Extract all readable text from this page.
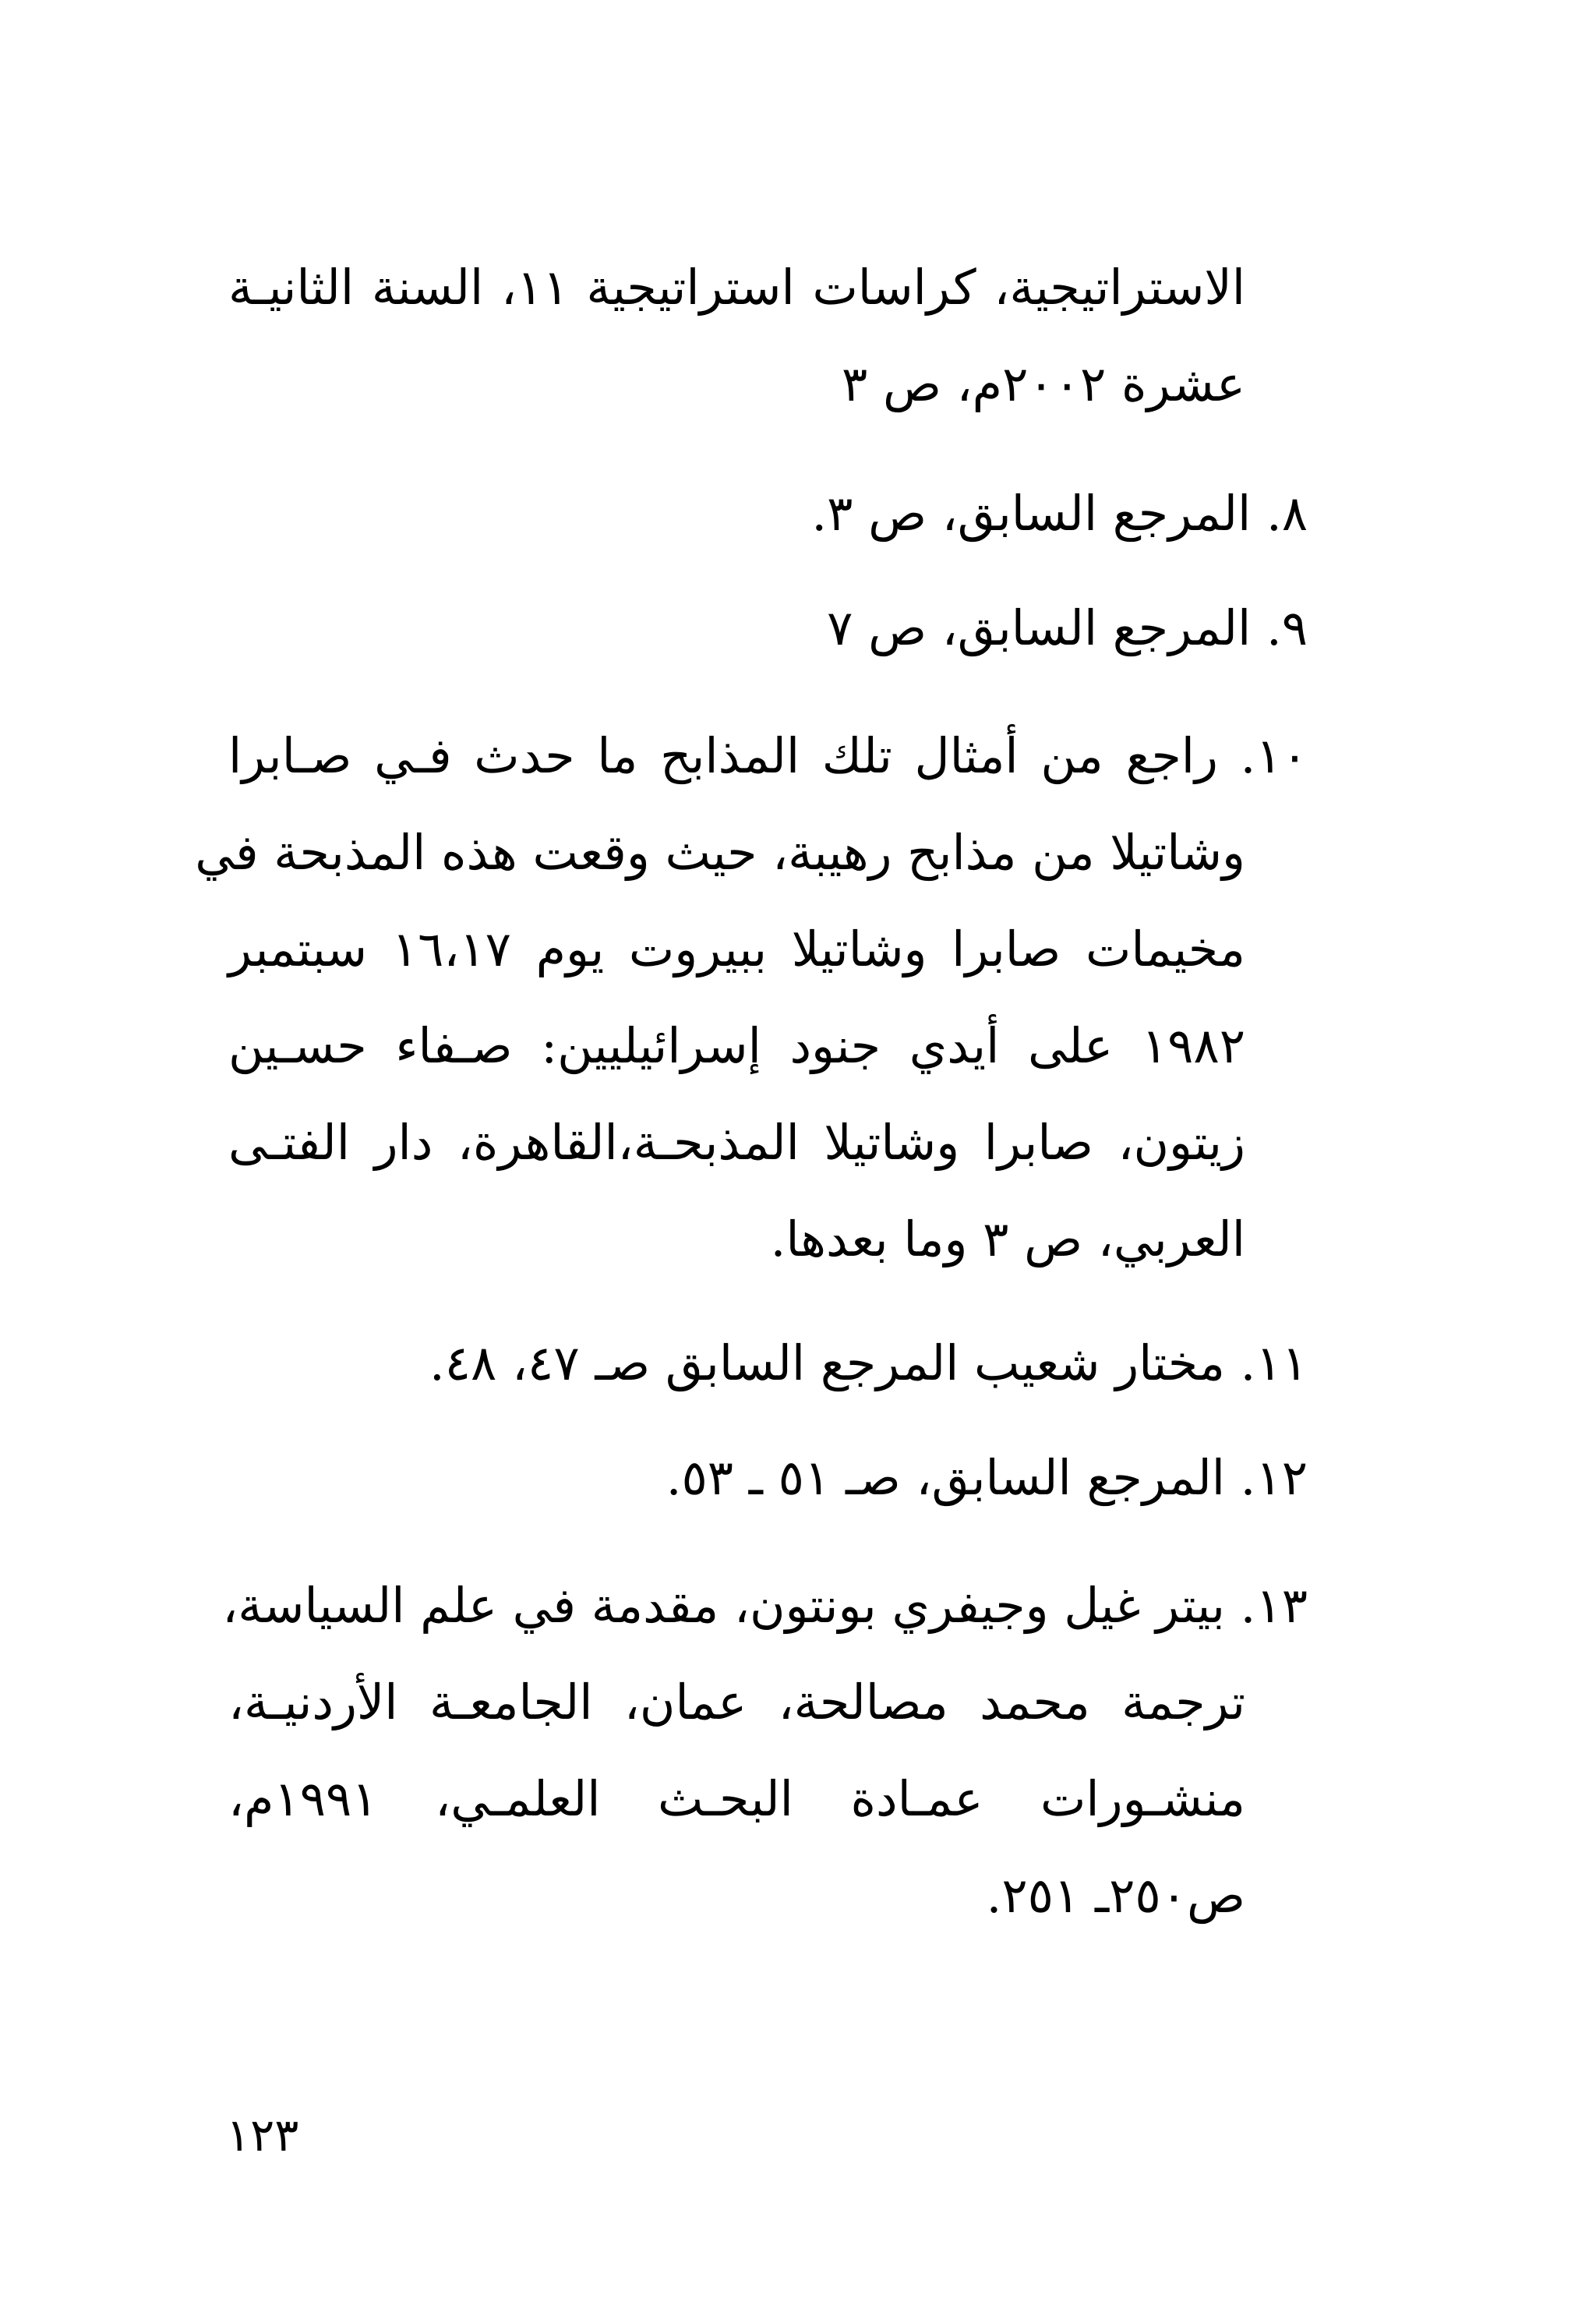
الاستراتيجية، كراسات استراتيجية ١١، السنة الثانيـة
عشرة ٢٠٠٢م، ص ٣
٨. المرجع السابق، ص ٣.
٩. المرجع السابق، ص ٧
١٠. راجع من أمثال تلك المذابح ما حدث فـي صـابرا
وشاتيلا من مذابح رهيبة، حيث وقعت هذه المذبحة في
مخيمات صابرا وشاتيلا ببيروت يوم ١٦،١٧ سبتمبر
١٩٨٢ على أيدي جنود إسرائيليين: صـفاء حسـين
زيتون، صابرا وشاتيلا المذبحـة،القاهرة، دار الفتـى
العربي، ص ٣ وما بعدها.
١١. مختار شعيب المرجع السابق صـ ٤٧، ٤٨.
١٢. المرجع السابق، صـ ٥١ ـ ٥٣.
١٣. بيتر غيل وجيفري بونتون، مقدمة في علم السياسة،
ترجمة محمد مصالحة، عمان، الجامعـة الأردنيـة،
منشـورات عمـادة البحـث العلمـي، ١٩٩١م،
ص٢٥٠ـ ٢٥١.
١٢٣
